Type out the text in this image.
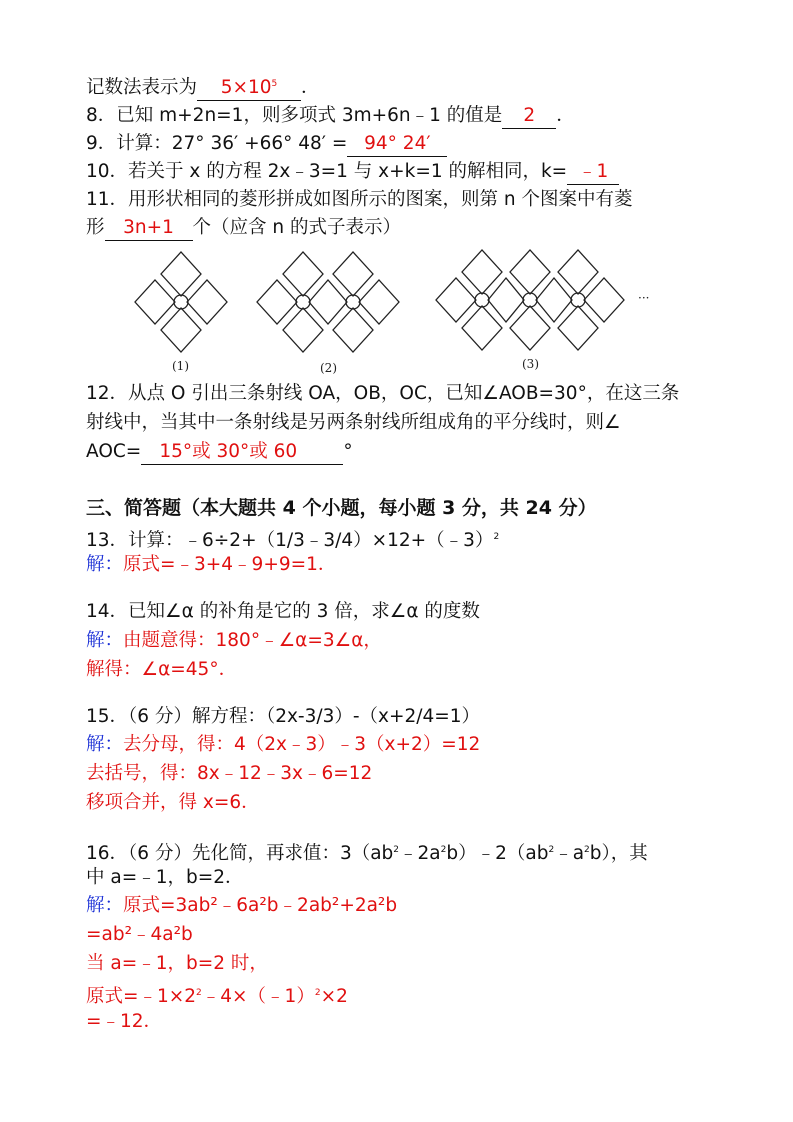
记数法表示为 $5\times 10^5$ ．
8．已知 m+2n=1，则多项式 3m+6n﹣1 的值是 2 ．
9．计算：27° 36′ +66° 48′ = 94° 24′
10．若关于 x 的方程 2x﹣3=1 与 x+k=1 的解相同，k= ﹣1
11．用形状相同的菱形拼成如图所示的图案，则第 n 个图案中有菱
形 3n+1 个（应含 n 的式子表示）
···
(1)	(2)	(3)
12．从点 O 引出三条射线 OA，OB，OC，已知∠AOB=30°，在这三条
射线中，当其中一条射线是另两条射线所组成角的平分线时，则∠
AOC= 15°或 30°或 60 °
三、简答题（本大题共 4 个小题，每小题 3 分，共 24 分）
13．计算：﹣6÷2+（1/3﹣3/4）×12+（﹣3）$^2$
解：原式=﹣3+4﹣9+9=1．
14．已知∠α 的补角是它的 3 倍，求∠α 的度数
解：由题意得：180°﹣∠α=3∠α，
解得：∠α=45°．
15．（6 分）解方程：（2x-3/3）-（x+2/4=1）
解：去分母，得：4（2x﹣3）﹣3（x+2）=12
去括号，得：8x﹣12﹣3x﹣6=12
移项合并，得 x=6．
16．（6 分）先化简，再求值：$3(ab^2﹣2a^2b)﹣2(ab^2﹣a^2b)$，其
中 a=﹣1，b=2．
解：原式=3ab²﹣6a²b﹣2ab²+2a²b
=ab²﹣4a²b
当 a=﹣1，b=2 时，
原式$=﹣1\times 2^2﹣4\times(﹣1)^2\times 2$
=﹣12．
